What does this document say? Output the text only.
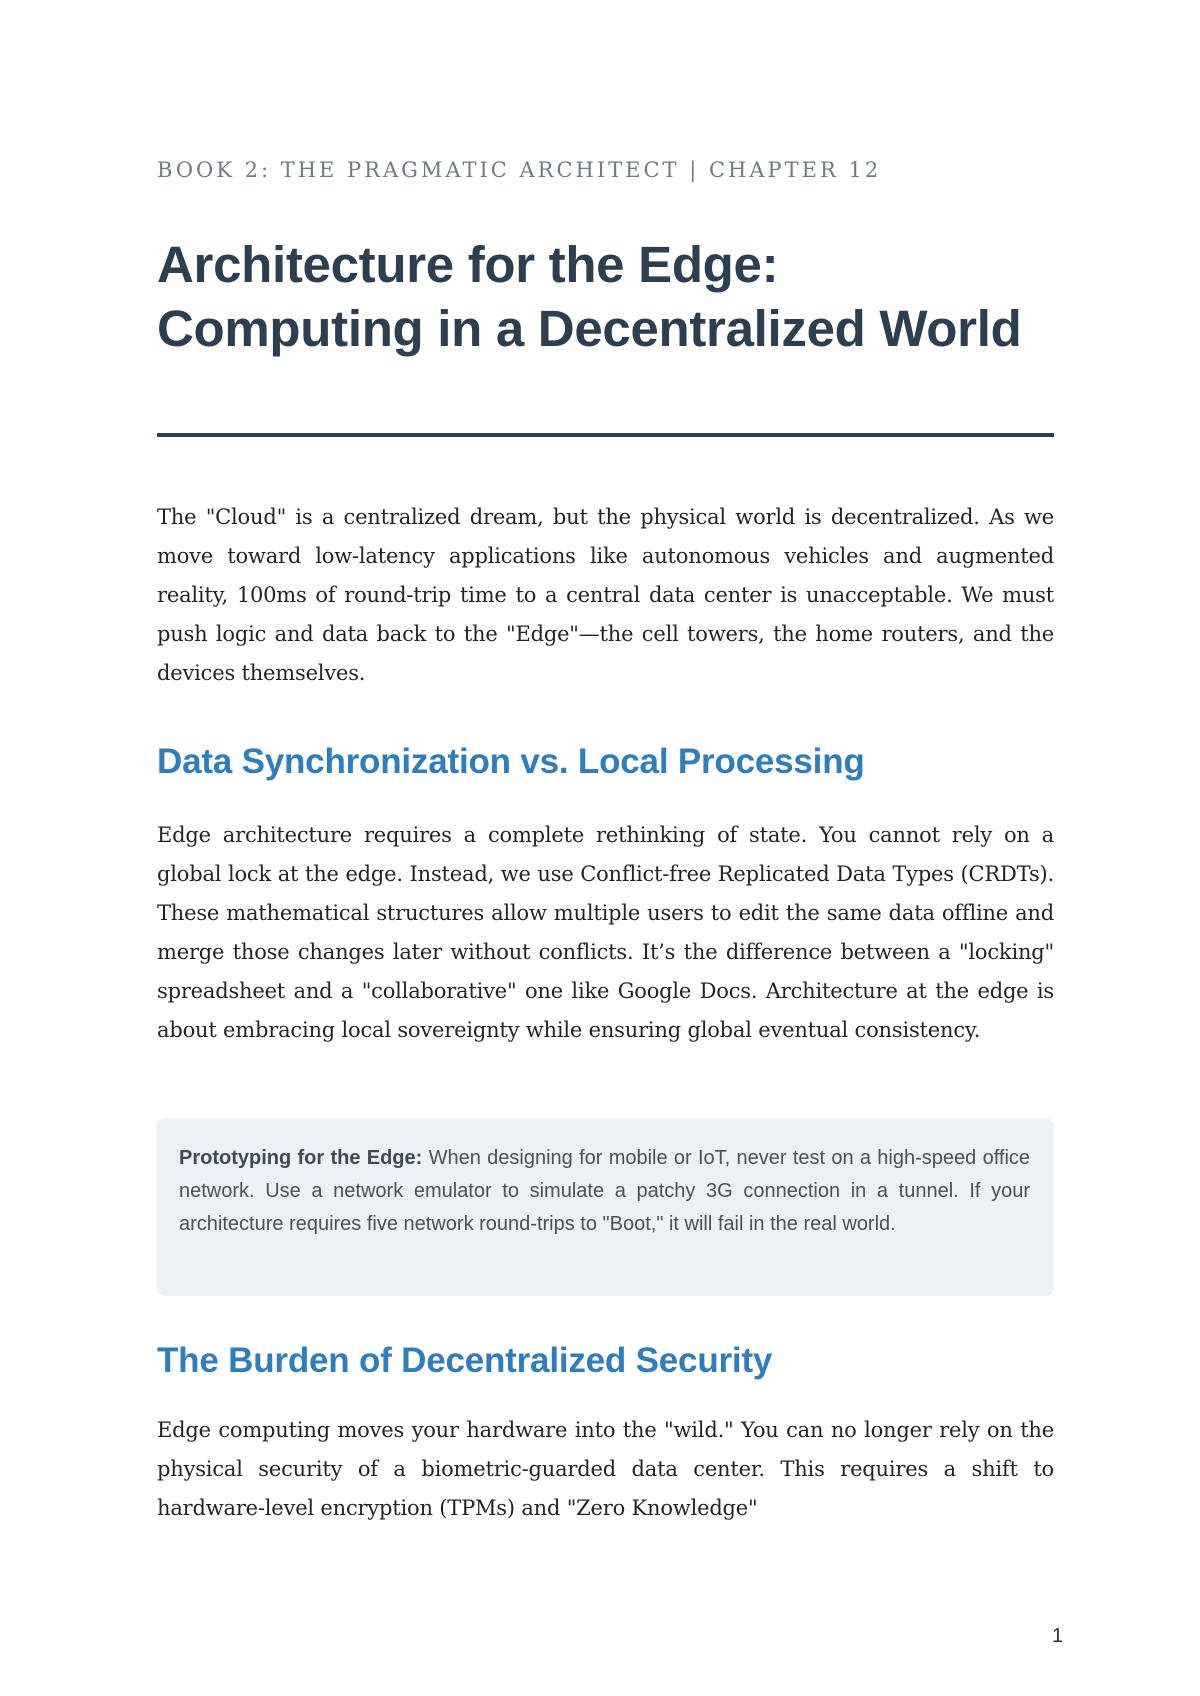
BOOK 2: THE PRAGMATIC ARCHITECT | CHAPTER 12
Architecture for the Edge: Computing in a Decentralized World

The "Cloud" is a centralized dream, but the physical world is decentralized. As we move toward low-latency applications like autonomous vehicles and augmented reality, 100ms of round-trip time to a central data center is unacceptable. We must push logic and data back to the "Edge"—the cell towers, the home routers, and the devices themselves.

Data Synchronization vs. Local Processing

Edge architecture requires a complete rethinking of state. You cannot rely on a global lock at the edge. Instead, we use Conflict-free Replicated Data Types (CRDTs). These mathematical structures allow multiple users to edit the same data offline and merge those changes later without conflicts. It’s the difference between a "locking" spreadsheet and a "collaborative" one like Google Docs. Architecture at the edge is about embracing local sovereignty while ensuring global eventual consistency.

Prototyping for the Edge: When designing for mobile or IoT, never test on a high-speed office network. Use a network emulator to simulate a patchy 3G connection in a tunnel. If your architecture requires five network round-trips to "Boot," it will fail in the real world.

The Burden of Decentralized Security

Edge computing moves your hardware into the "wild." You can no longer rely on the physical security of a biometric-guarded data center. This requires a shift to hardware-level encryption (TPMs) and "Zero Knowledge"

1
